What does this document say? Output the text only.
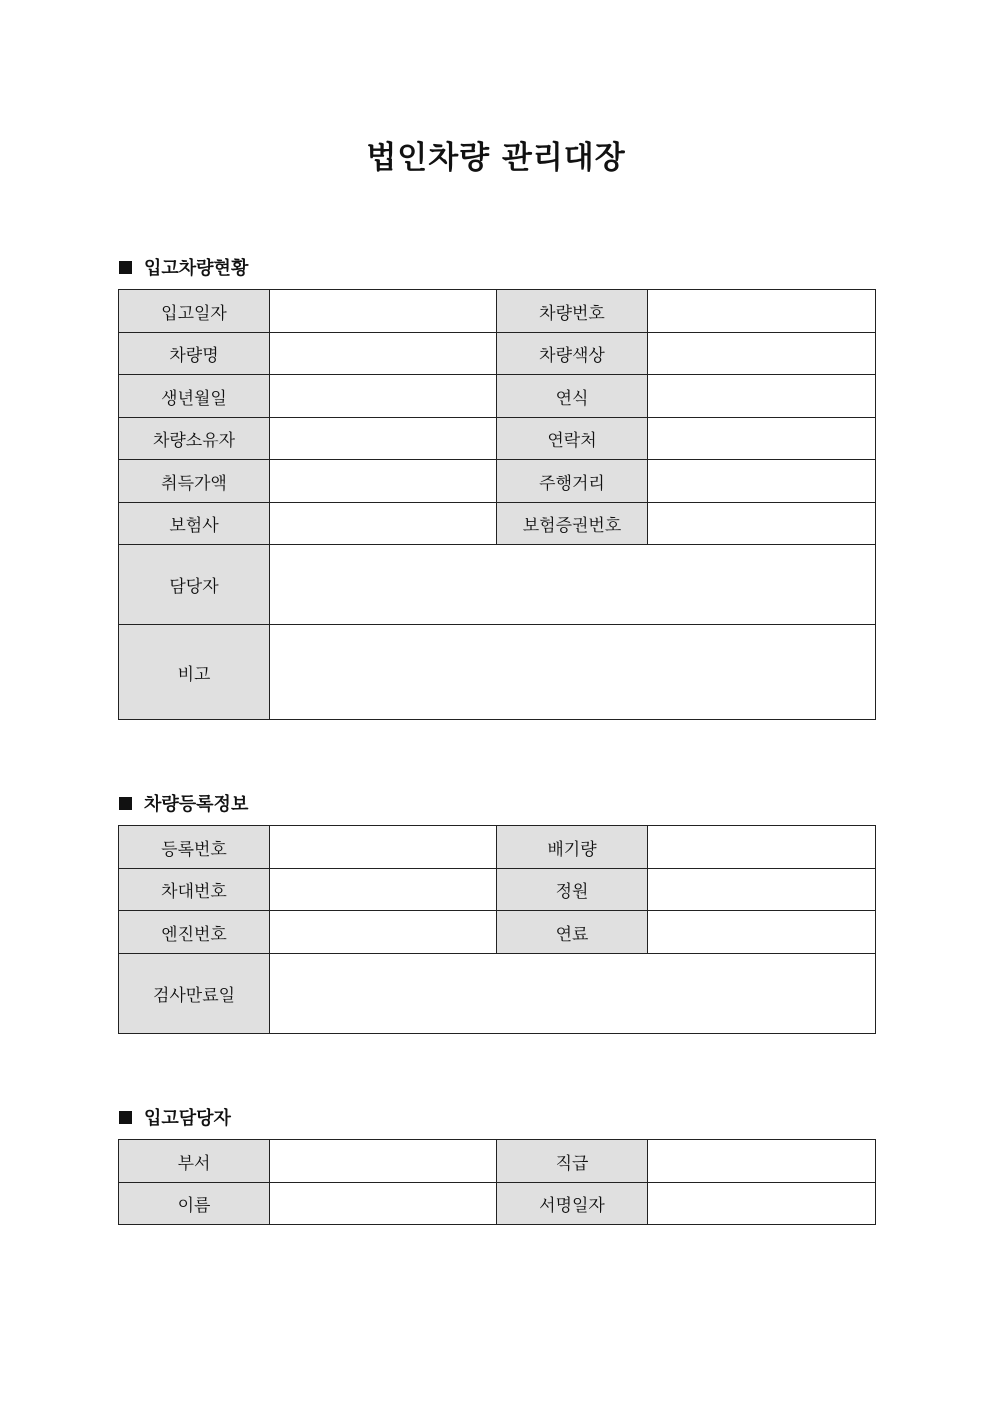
법인차량 관리대장
입고차량현황
입고일자		차량번호	
차량명		차량색상	
생년월일		연식	
차량소유자		연락처	
취득가액		주행거리	
보험사		보험증권번호	
담당자			
비고			
차량등록정보
등록번호		배기량	
차대번호		정원	
엔진번호		연료	
검사만료일			
입고담당자
부서		직급	
이름		서명일자	
